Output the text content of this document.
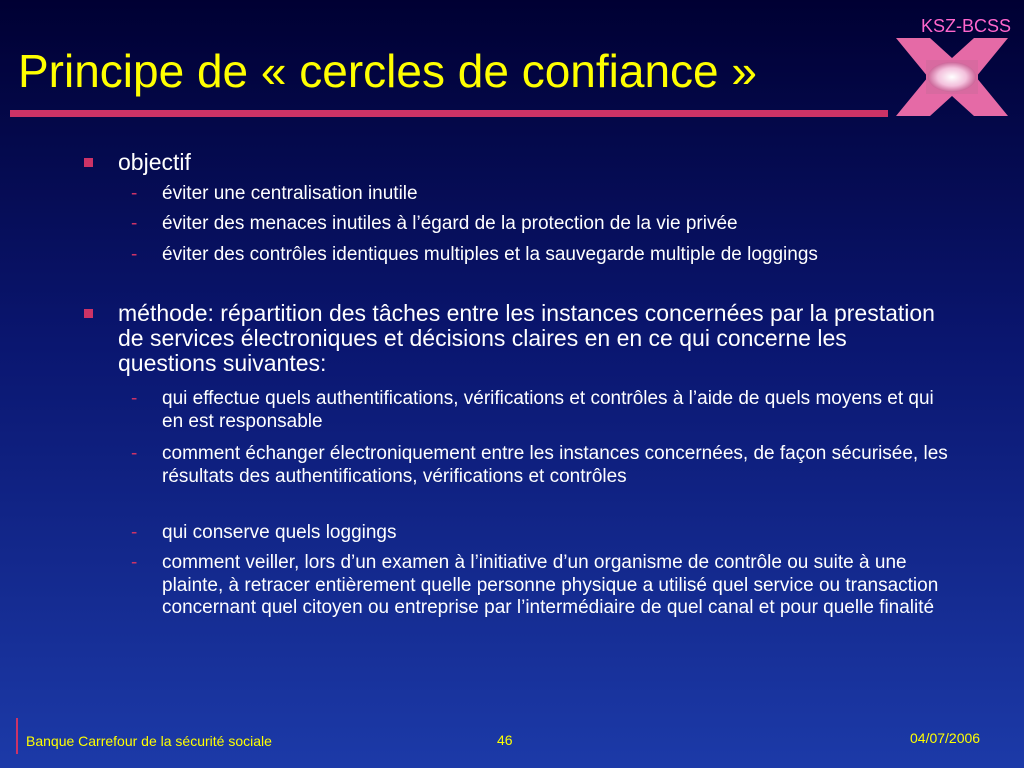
Principe de « cercles de confiance »
KSZ-BCSS
objectif
- éviter une centralisation inutile
- éviter des menaces inutiles à l’égard de la protection de la vie privée
- éviter des contrôles identiques multiples et la sauvegarde multiple de loggings
méthode: répartition des tâches entre les instances concernées par la prestation de services électroniques et décisions claires en en ce qui concerne les questions suivantes:
- qui effectue quels authentifications, vérifications et contrôles à l’aide de quels moyens et qui en est responsable
- comment échanger électroniquement entre les instances concernées, de façon sécurisée, les résultats des authentifications, vérifications et contrôles
- qui conserve quels loggings
- comment veiller, lors d’un examen à l’initiative d’un organisme de contrôle ou suite à une plainte, à retracer entièrement quelle personne physique a utilisé quel service ou transaction concernant quel citoyen ou entreprise par l’intermédiaire de quel canal et pour quelle finalité
Banque Carrefour de la sécurité sociale	46	04/07/2006
